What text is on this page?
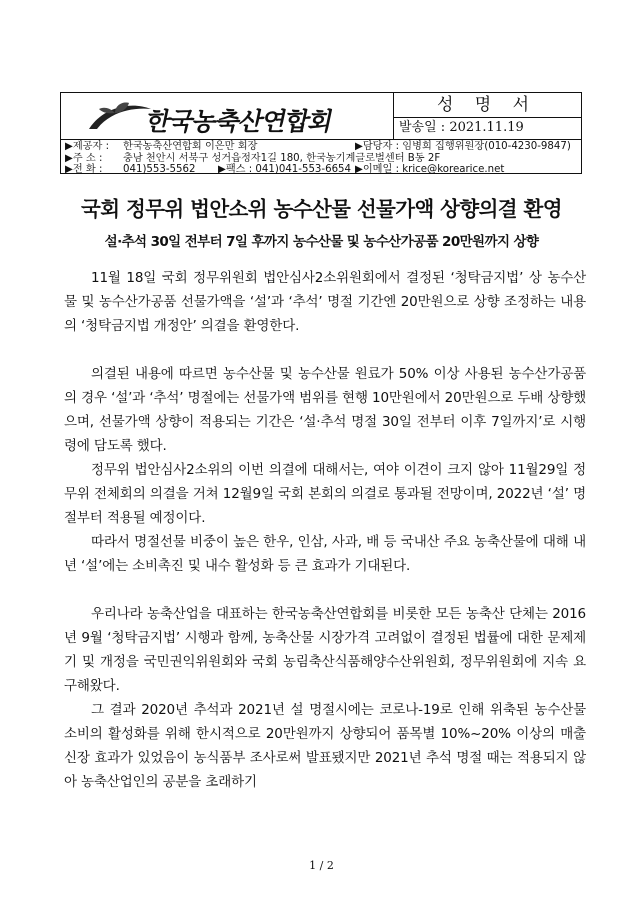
한국농축산연합회
성 명 서
발송일 : 2021.11.19
▶제공자 : 한국농축산연합회 이은만 회장	▶담당자 : 임병희 집행위원장(010-4230-9847)
▶주 소 : 충남 천안시 서북구 성거읍정자1길 180, 한국농기계글로벌센터 B동 2F
▶전 화 : 041)553-5562 ▶팩스 : 041)041-553-6654 ▶이메일 : krice@korearice.net
국회 정무위 법안소위 농수산물 선물가액 상향의결 환영
설·추석 30일 전부터 7일 후까지 농수산물 및 농수산가공품 20만원까지 상향

11월 18일 국회 정무위원회 법안심사2소위원회에서 결정된 ‘청탁금지법’ 상 농수산물 및 농수산가공품 선물가액을 ‘설’과 ‘추석’ 명절 기간엔 20만원으로 상향 조정하는 내용의 ‘청탁금지법 개정안’ 의결을 환영한다.

의결된 내용에 따르면 농수산물 및 농수산물 원료가 50% 이상 사용된 농수산가공품의 경우 ‘설’과 ‘추석’ 명절에는 선물가액 범위를 현행 10만원에서 20만원으로 두배 상향했으며, 선물가액 상향이 적용되는 기간은 ‘설·추석 명절 30일 전부터 이후 7일까지’로 시행령에 담도록 했다.

정무위 법안심사2소위의 이번 의결에 대해서는, 여야 이견이 크지 않아 11월29일 정무위 전체회의 의결을 거쳐 12월9일 국회 본회의 의결로 통과될 전망이며, 2022년 ‘설’ 명절부터 적용될 예정이다.

따라서 명절선물 비중이 높은 한우, 인삼, 사과, 배 등 국내산 주요 농축산물에 대해 내년 ‘설’에는 소비촉진 및 내수 활성화 등 큰 효과가 기대된다.

우리나라 농축산업을 대표하는 한국농축산연합회를 비롯한 모든 농축산 단체는 2016년 9월 ‘청탁금지법’ 시행과 함께, 농축산물 시장가격 고려없이 결정된 법률에 대한 문제제기 및 개정을 국민권익위원회와 국회 농림축산식품해양수산위원회, 정무위원회에 지속 요구해왔다.

그 결과 2020년 추석과 2021년 설 명절시에는 코로나-19로 인해 위축된 농수산물 소비의 활성화를 위해 한시적으로 20만원까지 상향되어 품목별 10%~20% 이상의 매출신장 효과가 있었음이 농식품부 조사로써 발표됐지만 2021년 추석 명절 때는 적용되지 않아 농축산업인의 공분을 초래하기

1 / 2
